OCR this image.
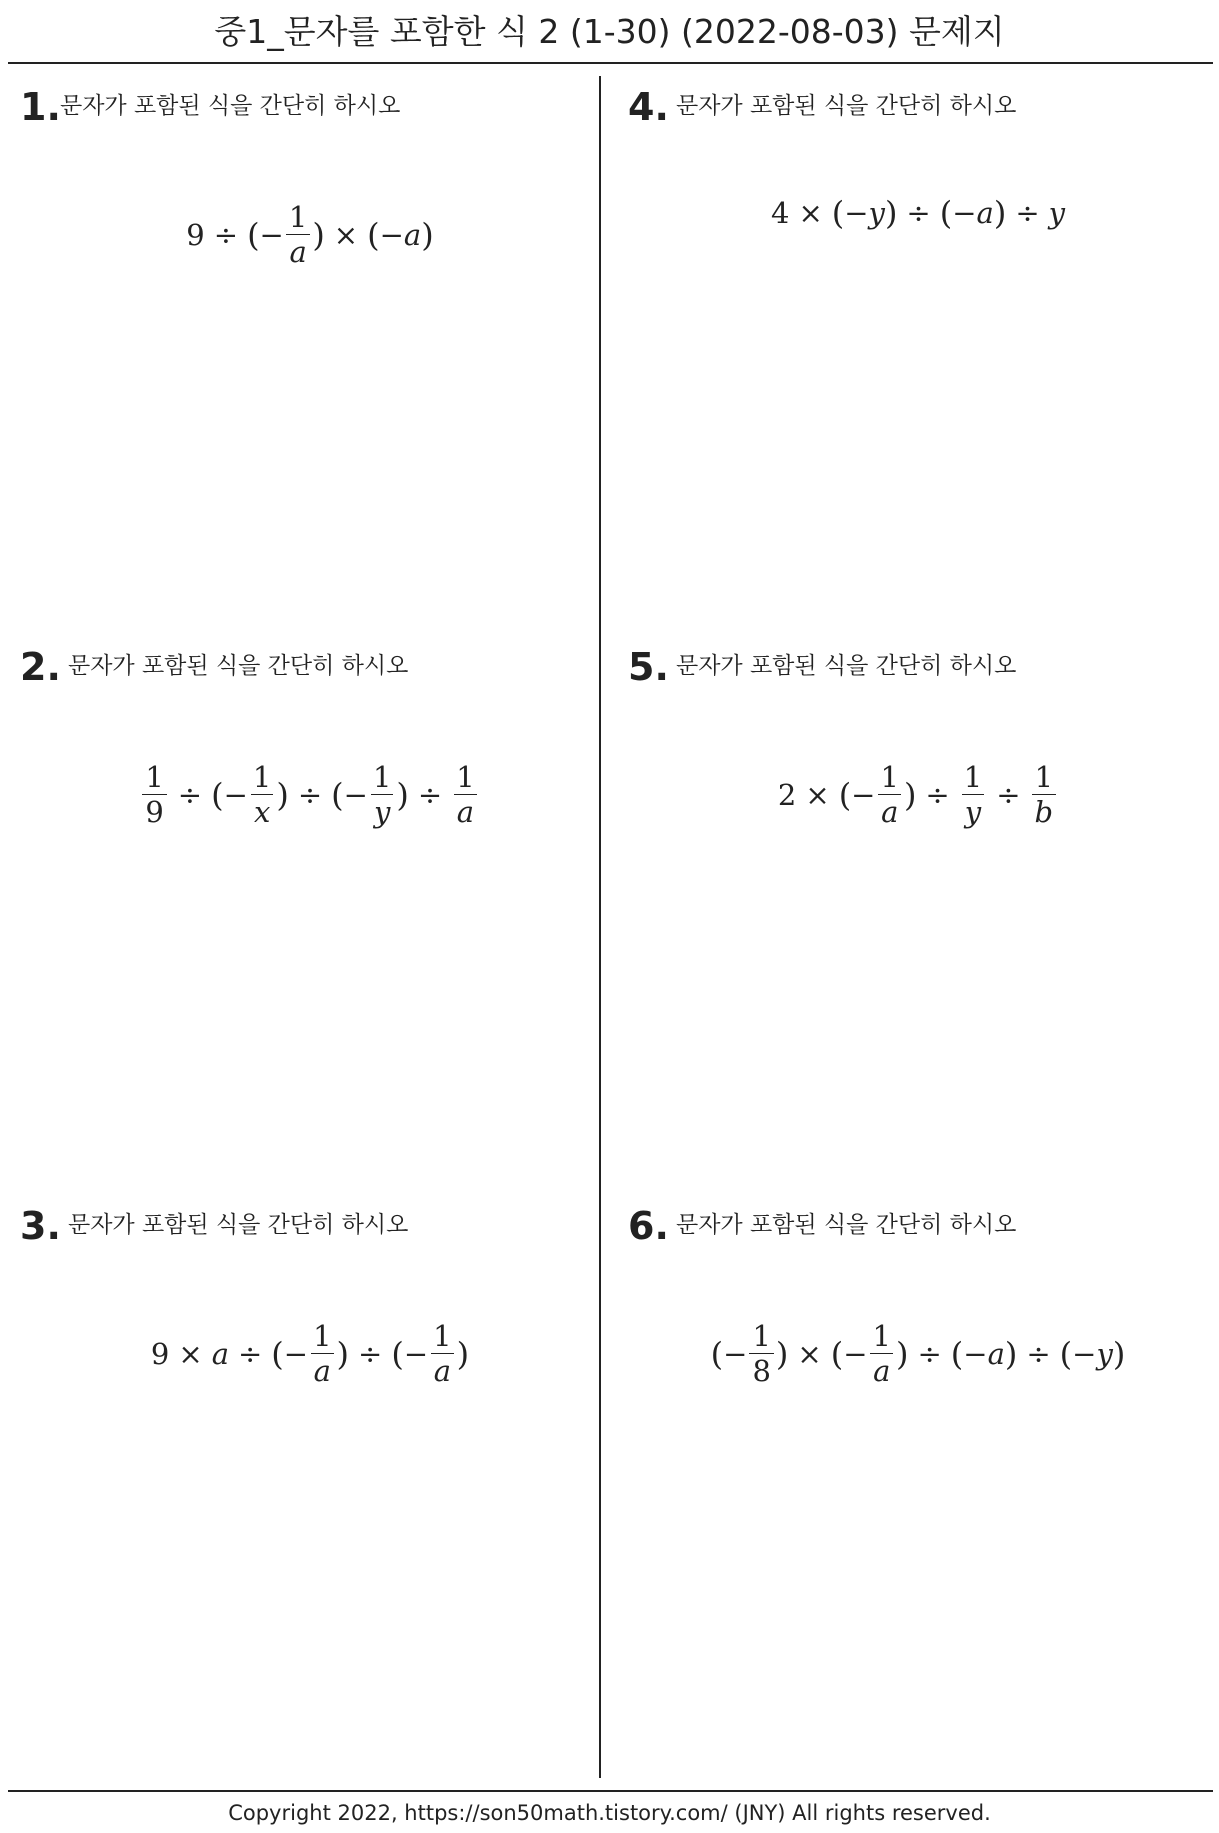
중1_문자를 포함한 식 2 (1-30) (2022-08-03) 문제지
1. 문자가 포함된 식을 간단히 하시오
9 ÷ ( − $\frac{1}{a}$ ) × ( − a )
2. 문자가 포함된 식을 간단히 하시오
$\frac{1}{9}$ ÷ ( − $\frac{1}{x}$ ) ÷ ( − $\frac{1}{y}$ ) ÷ $\frac{1}{a}$
3. 문자가 포함된 식을 간단히 하시오
9 × a ÷ ( − $\frac{1}{a}$ ) ÷ ( − $\frac{1}{a}$ )
4. 문자가 포함된 식을 간단히 하시오
4 × ( − y ) ÷ ( − a ) ÷ y
5. 문자가 포함된 식을 간단히 하시오
2 × ( − $\frac{1}{a}$ ) ÷ $\frac{1}{y} \div \frac{1}{b}$
6. 문자가 포함된 식을 간단히 하시오
( − $\frac{1}{8}$ ) × ( − $\frac{1}{a}$ ) ÷ ( − a ) ÷ ( − y )
Copyright 2022, https://son50math.tistory.com/ (JNY) All rights reserved.
